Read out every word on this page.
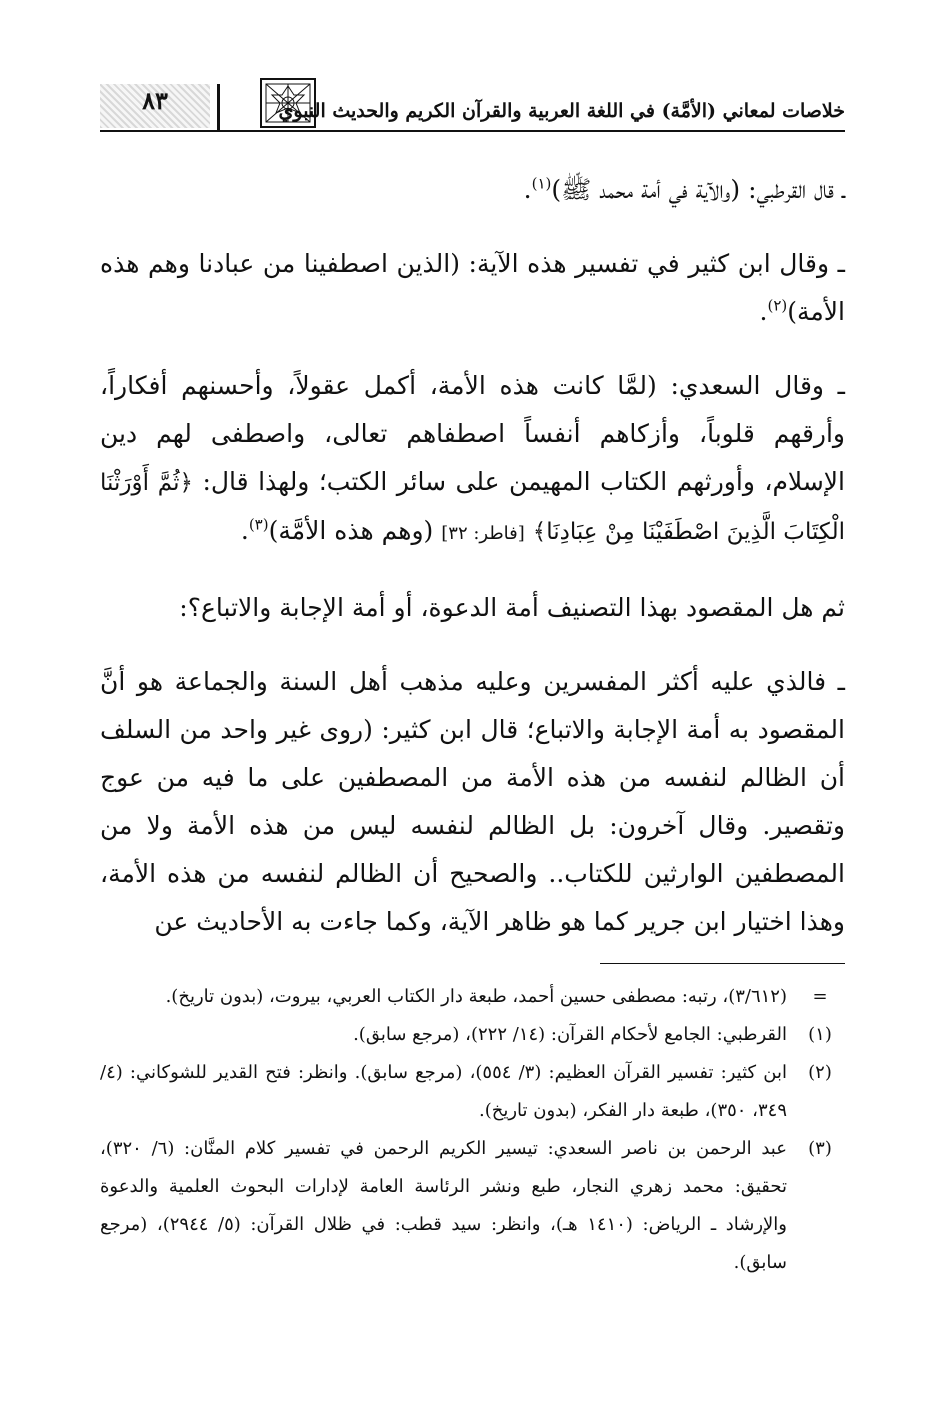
خلاصات لمعاني (الأمَّة) في اللغة العربية والقرآن الكريم والحديث النبوي
٨٣

ـ قال القرطبي: (والآية في أمة محمد ﷺ)$^{(١)}$.

ـ وقال ابن كثير في تفسير هذه الآية: (الذين اصطفينا من عبادنا وهم هذه الأمة)$^{(٢)}$.

ـ وقال السعدي: (لمَّا كانت هذه الأمة، أكمل عقولاً، وأحسنهم أفكاراً، وأرقهم قلوباً، وأزكاهم أنفساً اصطفاهم تعالى، واصطفى لهم دين الإسلام، وأورثهم الكتاب المهيمن على سائر الكتب؛ ولهذا قال: ﴿ثُمَّ أَوْرَثْنَا الْكِتَابَ الَّذِينَ اصْطَفَيْنَا مِنْ عِبَادِنَا﴾ [فاطر: ٣٢] (وهم هذه الأمَّة)$^{(٣)}$.

ثم هل المقصود بهذا التصنيف أمة الدعوة، أو أمة الإجابة والاتباع؟:

ـ فالذي عليه أكثر المفسرين وعليه مذهب أهل السنة والجماعة هو أنَّ المقصود به أمة الإجابة والاتباع؛ قال ابن كثير: (روى غير واحد من السلف أن الظالم لنفسه من هذه الأمة من المصطفين على ما فيه من عوج وتقصير. وقال آخرون: بل الظالم لنفسه ليس من هذه الأمة ولا من المصطفين الوارثين للكتاب.. والصحيح أن الظالم لنفسه من هذه الأمة، وهذا اختيار ابن جرير كما هو ظاهر الآية، وكما جاءت به الأحاديث عن

=
(٣/٦١٢)، رتبه: مصطفى حسين أحمد، طبعة دار الكتاب العربي، بيروت، (بدون تاريخ).
(١)
القرطبي: الجامع لأحكام القرآن: (١٤/ ٢٢٢)، (مرجع سابق).
(٢)
ابن كثير: تفسير القرآن العظيم: (٣/ ٥٥٤)، (مرجع سابق). وانظر: فتح القدير للشوكاني: (٤/ ٣٤٩، ٣٥٠)، طبعة دار الفكر، (بدون تاريخ).
(٣)
عبد الرحمن بن ناصر السعدي: تيسير الكريم الرحمن في تفسير كلام المنَّان: (٦/ ٣٢٠)، تحقيق: محمد زهري النجار، طبع ونشر الرئاسة العامة لإدارات البحوث العلمية والدعوة والإرشاد ـ الرياض: (١٤١٠ هـ)، وانظر: سيد قطب: في ظلال القرآن: (٥/ ٢٩٤٤)، (مرجع سابق).
